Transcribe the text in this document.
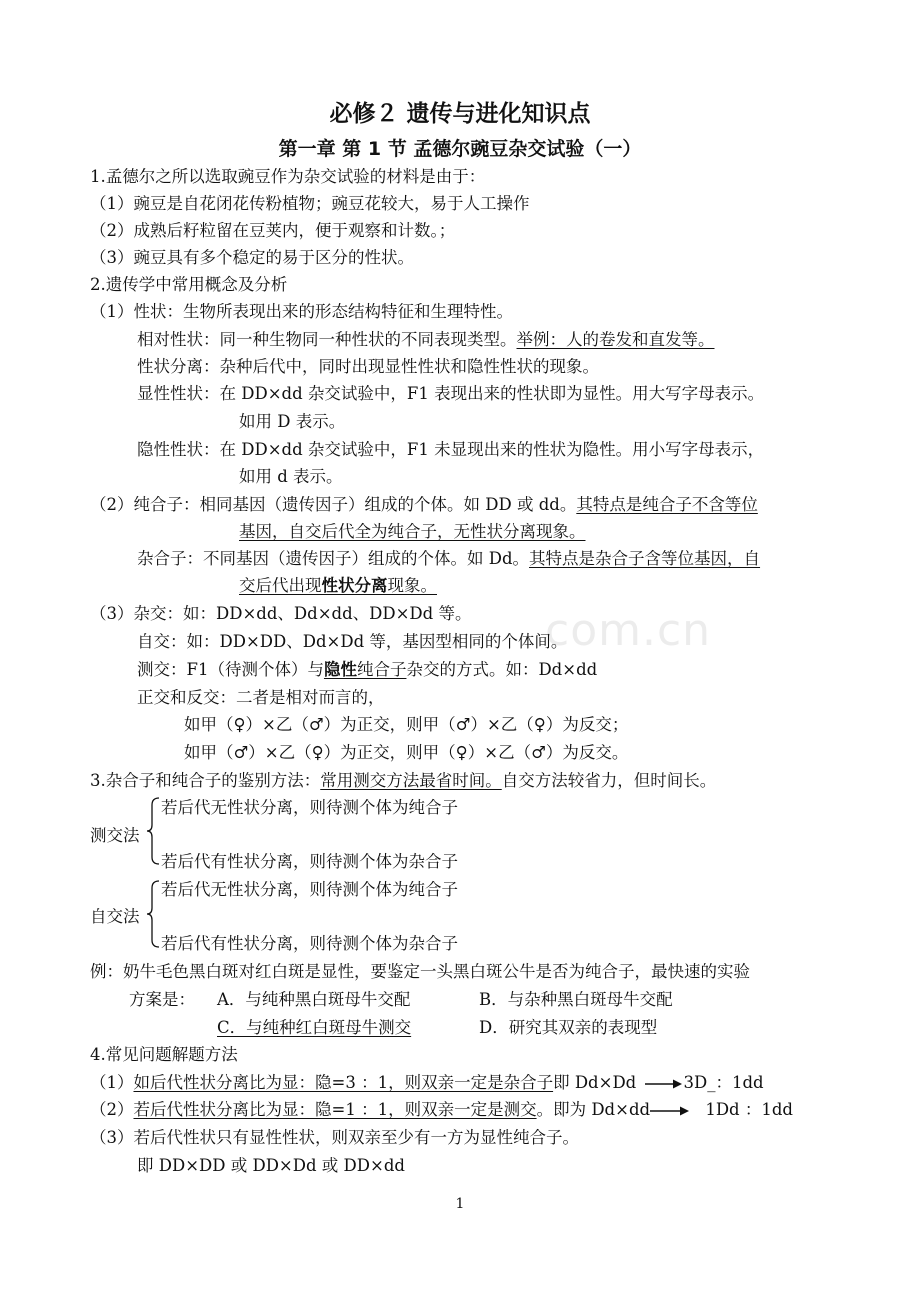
com.cn
必修２ 遗传与进化知识点
第一章 第 1 节 孟德尔豌豆杂交试验（一）
1.孟德尔之所以选取豌豆作为杂交试验的材料是由于：
（1）豌豆是自花闭花传粉植物；豌豆花较大，易于人工操作
（2）成熟后籽粒留在豆荚内，便于观察和计数。；
（3）豌豆具有多个稳定的易于区分的性状。
2.遗传学中常用概念及分析
（1）性状：生物所表现出来的形态结构特征和生理特性。
相对性状：同一种生物同一种性状的不同表现类型。举例：人的卷发和直发等。
性状分离：杂种后代中，同时出现显性性状和隐性性状的现象。
显性性状：在 DD×dd 杂交试验中，F1 表现出来的性状即为显性。用大写字母表示。
如用 D 表示。
隐性性状：在 DD×dd 杂交试验中，F1 未显现出来的性状为隐性。用小写字母表示，
如用 d 表示。
（2）纯合子：相同基因（遗传因子）组成的个体。如 DD 或 dd。其特点是纯合子不含等位
基因，自交后代全为纯合子，无性状分离现象。
杂合子：不同基因（遗传因子）组成的个体。如 Dd。其特点是杂合子含等位基因，自
交后代出现性状分离现象。
（3）杂交：如：DD×dd、Dd×dd、DD×Dd 等。
自交：如：DD×DD、Dd×Dd 等，基因型相同的个体间。
测交：F1（待测个体）与隐性纯合子杂交的方式。如：Dd×dd
正交和反交：二者是相对而言的，
如甲（♀）×乙（♂）为正交，则甲（♂）×乙（♀）为反交；
如甲（♂）×乙（♀）为正交，则甲（♀）×乙（♂）为反交。
3.杂合子和纯合子的鉴别方法：常用测交方法最省时间。自交方法较省力，但时间长。
测交法
若后代无性状分离，则待测个体为纯合子
若后代有性状分离，则待测个体为杂合子
自交法
若后代无性状分离，则待测个体为纯合子
若后代有性状分离，则待测个体为杂合子
例：奶牛毛色黑白斑对红白斑是显性，要鉴定一头黑白斑公牛是否为纯合子，最快速的实验
方案是： A．与纯种黑白斑母牛交配	B．与杂种黑白斑母牛交配
C．与纯种红白斑母牛测交	D．研究其双亲的表现型
4.常见问题解题方法
（1）如后代性状分离比为显：隐=3 ：1，则双亲一定是杂合子即 Dd×Dd	3D_：1dd
（2）若后代性状分离比为显：隐=1 ：1，则双亲一定是测交。即为 Dd×dd	1Dd ：1dd
（3）若后代性状只有显性性状，则双亲至少有一方为显性纯合子。
即 DD×DD 或 DD×Dd 或 DD×dd
1
